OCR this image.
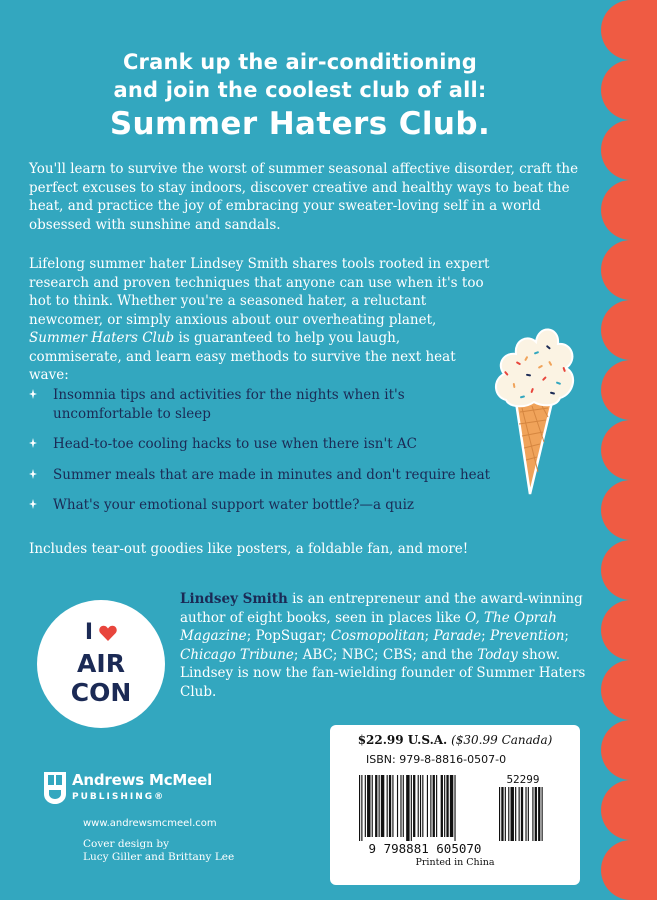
Crank up the air-conditioning
and join the coolest club of all:
Summer Haters Club.

You'll learn to survive the worst of summer seasonal affective disorder, craft the perfect excuses to stay indoors, discover creative and healthy ways to beat the heat, and practice the joy of embracing your sweater-loving self in a world obsessed with sunshine and sandals.

Lifelong summer hater Lindsey Smith shares tools rooted in expert research and proven techniques that anyone can use when it's too hot to think. Whether you're a seasoned hater, a reluctant newcomer, or simply anxious about our overheating planet, Summer Haters Club is guaranteed to help you laugh, commiserate, and learn easy methods to survive the next heat wave:

Insomnia tips and activities for the nights when it's uncomfortable to sleep
Head-to-toe cooling hacks to use when there isn't AC
Summer meals that are made in minutes and don't require heat
What's your emotional support water bottle?—a quiz

Includes tear-out goodies like posters, a foldable fan, and more!

I
AIR
CON

Lindsey Smith is an entrepreneur and the award-winning author of eight books, seen in places like O, The Oprah Magazine; PopSugar; Cosmopolitan; Parade; Prevention; Chicago Tribune; ABC; NBC; CBS; and the Today show. Lindsey is now the fan-wielding founder of Summer Haters Club.

Andrews McMeel
PUBLISHING®
www.andrewsmcmeel.com

Cover design by
Lucy Giller and Brittany Lee

$22.99 U.S.A. ($30.99 Canada)
ISBN: 979-8-8816-0507-0
52299
9 798881 605070
Printed in China
